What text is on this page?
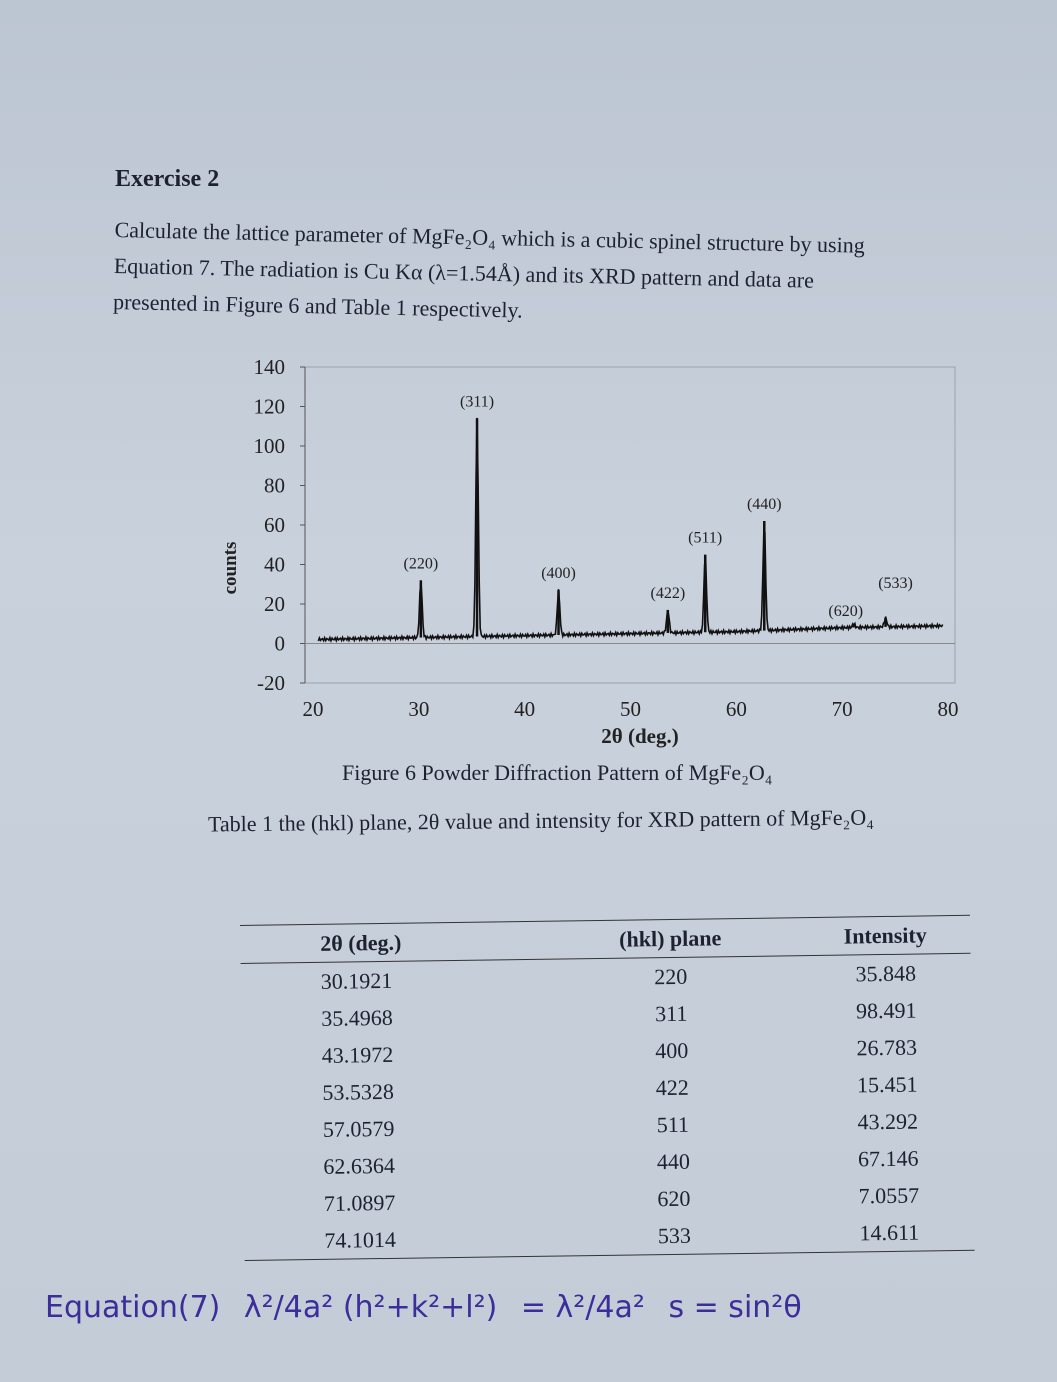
Exercise 2
Calculate the lattice parameter of MgFe₂O₄ which is a cubic spinel structure by using
Equation 7. The radiation is Cu Kα (λ=1.54Å) and its XRD pattern and data are
presented in Figure 6 and Table 1 respectively.
140
120
100
80
60
40
20
0
-20
20	30	40	50	60	70	80
2θ (deg.)
counts	(220)
(311)
(400)
(422)
(511)
(440)
(620)
(533)
Figure 6 Powder Diffraction Pattern of MgFe₂O₄
Table 1 the (hkl) plane, 2θ value and intensity for XRD pattern of MgFe₂O₄
2θ (deg.)	(hkl) plane	Intensity
30.1921	220	35.848
35.4968	311	98.491
43.1972	400	26.783
53.5328	422	15.451
57.0579	511	43.292
62.6364	440	67.146
71.0897	620	7.0557
74.1014	533	14.611
Equation(7) λ²/4a² (h²+k²+l²) = λ²/4a² s = sin²θ
